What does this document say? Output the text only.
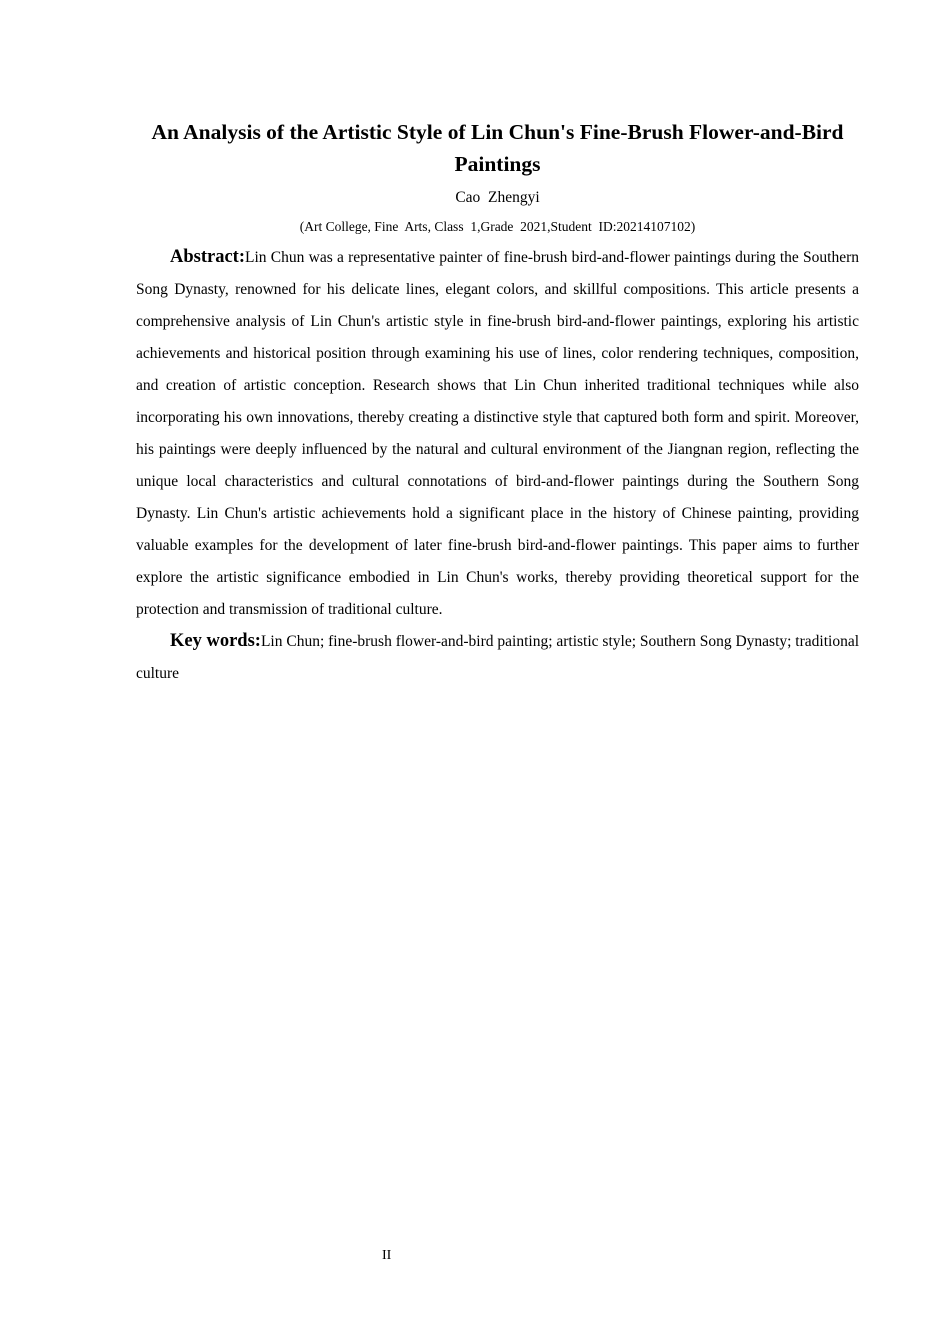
An Analysis of the Artistic Style of Lin Chun's Fine-Brush Flower-and-Bird Paintings
Cao  Zhengyi
(Art College, Fine  Arts, Class  1,Grade  2021,Student  ID:20214107102)

Abstract:Lin Chun was a representative painter of fine-brush bird-and-flower paintings during the Southern Song Dynasty, renowned for his delicate lines, elegant colors, and skillful compositions. This article presents a comprehensive analysis of Lin Chun's artistic style in fine-brush bird-and-flower paintings, exploring his artistic achievements and historical position through examining his use of lines, color rendering techniques, composition, and creation of artistic conception. Research shows that Lin Chun inherited traditional techniques while also incorporating his own innovations, thereby creating a distinctive style that captured both form and spirit. Moreover, his paintings were deeply influenced by the natural and cultural environment of the Jiangnan region, reflecting the unique local characteristics and cultural connotations of bird-and-flower paintings during the Southern Song Dynasty. Lin Chun's artistic achievements hold a significant place in the history of Chinese painting, providing valuable examples for the development of later fine-brush bird-and-flower paintings. This paper aims to further explore the artistic significance embodied in Lin Chun's works, thereby providing theoretical support for the protection and transmission of traditional culture.

Key words:Lin Chun; fine-brush flower-and-bird painting; artistic style; Southern Song Dynasty; traditional culture

II
